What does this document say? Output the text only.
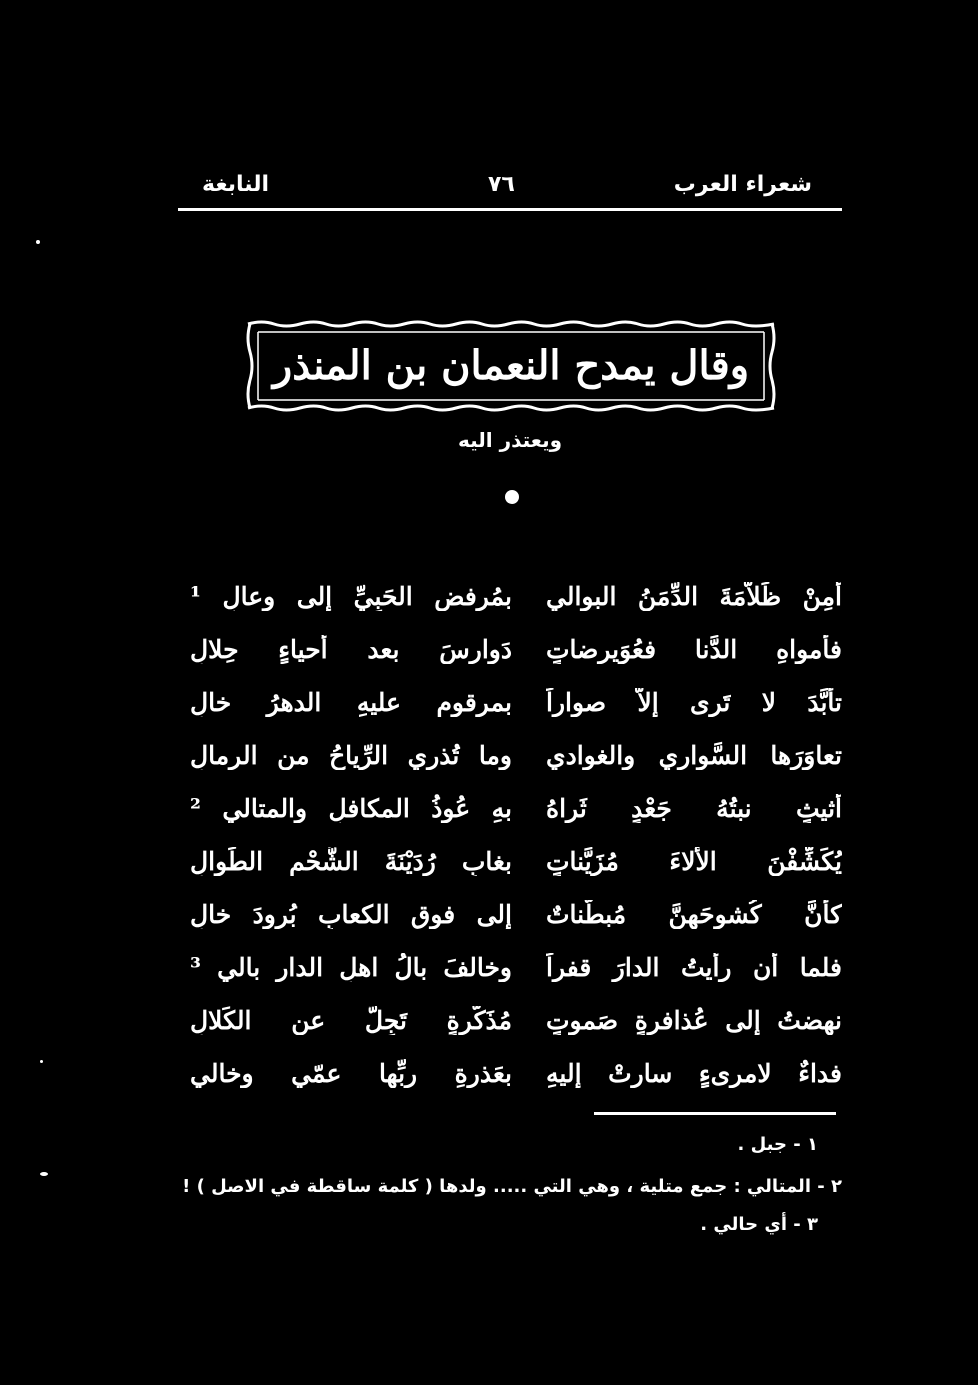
شعراء العرب
٧٦
النابغة
وقال يمدح النعمان بن المنذر
ويعتذر اليه
أمِنْ ظَلاَّمَةَ الدِّمَنُ البوالي
بمُرفضِ الحَبِيِّ إلى وعالِ ¹
فأمواهِ الدَّنا فعُوَيرِضاتٍ
دَوارسَ بعد أحياءٍ حِلالِ
تأبَّدَ لا تَرى إلاَّ صواراً
بمرقومٍ عليهِ الدهرُ خالِ
تعاوَرَها السَّواري والغوادي
وما تُذري الرِّياحُ من الرمالِ
أثيثٍ نبتُهُ جَعْدٍ ثَراهُ
بهِ عُوذُ المكافلِ والمتالي ²
يُكَشِّفْنَ الألاءَ مُزَيَّناتٍ
بغابِ رُدَيْنَةَ الشُّحْمِ الطِّوالِ
كأنَّ كُشوحَهنَّ مُبطَّناتٌ
إلى فوقِ الكعابِ بُرودَ خالِ
فلما أن رأيتُ الدارَ قفراً
وخالفَ بالُ اهلِ الدارِ بالي ³
نهضتُ إلى عُذافرةٍ صَموتٍ
مُذَكَّرةٍ تَجِلُّ عن الكَلالِ
فداءٌ لامرىءٍ سارتْ إليهِ
بعَذرةِ ربِّها عمّي وخالي
١ - جبل .
٢ - المتالي : جمع متلية ، وهي التي ..... ولدها ( كلمة ساقطة في الاصل ) !
٣ - أي حالي .
